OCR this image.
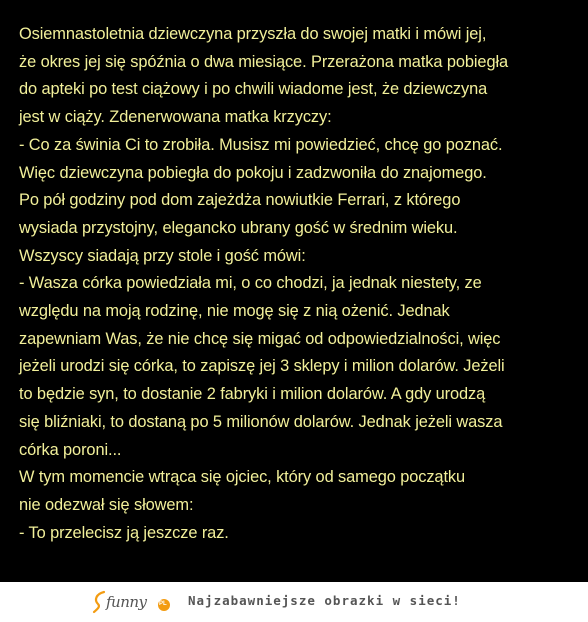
Osiemnastoletnia dziewczyna przyszła do swojej matki i mówi jej,
że okres jej się spóźnia o dwa miesiące. Przerażona matka pobiegła
do apteki po test ciążowy i po chwili wiadome jest, że dziewczyna
jest w ciąży. Zdenerwowana matka krzyczy:
- Co za świnia Ci to zrobiła. Musisz mi powiedzieć, chcę go poznać.
Więc dziewczyna pobiegła do pokoju i zadzwoniła do znajomego.
Po pół godziny pod dom zajeżdża nowiutkie Ferrari, z którego
wysiada przystojny, elegancko ubrany gość w średnim wieku.
Wszyscy siadają przy stole i gość mówi:
- Wasza córka powiedziała mi, o co chodzi, ja jednak niestety, ze
względu na moją rodzinę, nie mogę się z nią ożenić. Jednak
zapewniam Was, że nie chcę się migać od odpowiedzialności, więc
jeżeli urodzi się córka, to zapiszę jej 3 sklepy i milion dolarów. Jeżeli
to będzie syn, to dostanie 2 fabryki i milion dolarów. A gdy urodzą
się bliźniaki, to dostaną po 5 milionów dolarów. Jednak jeżeli wasza
córka poroni...
W tym momencie wtrąca się ojciec, który od samego początku
nie odezwał się słowem:
- To przelecisz ją jeszcze raz.
funny PL Najzabawniejsze obrazki w sieci!
